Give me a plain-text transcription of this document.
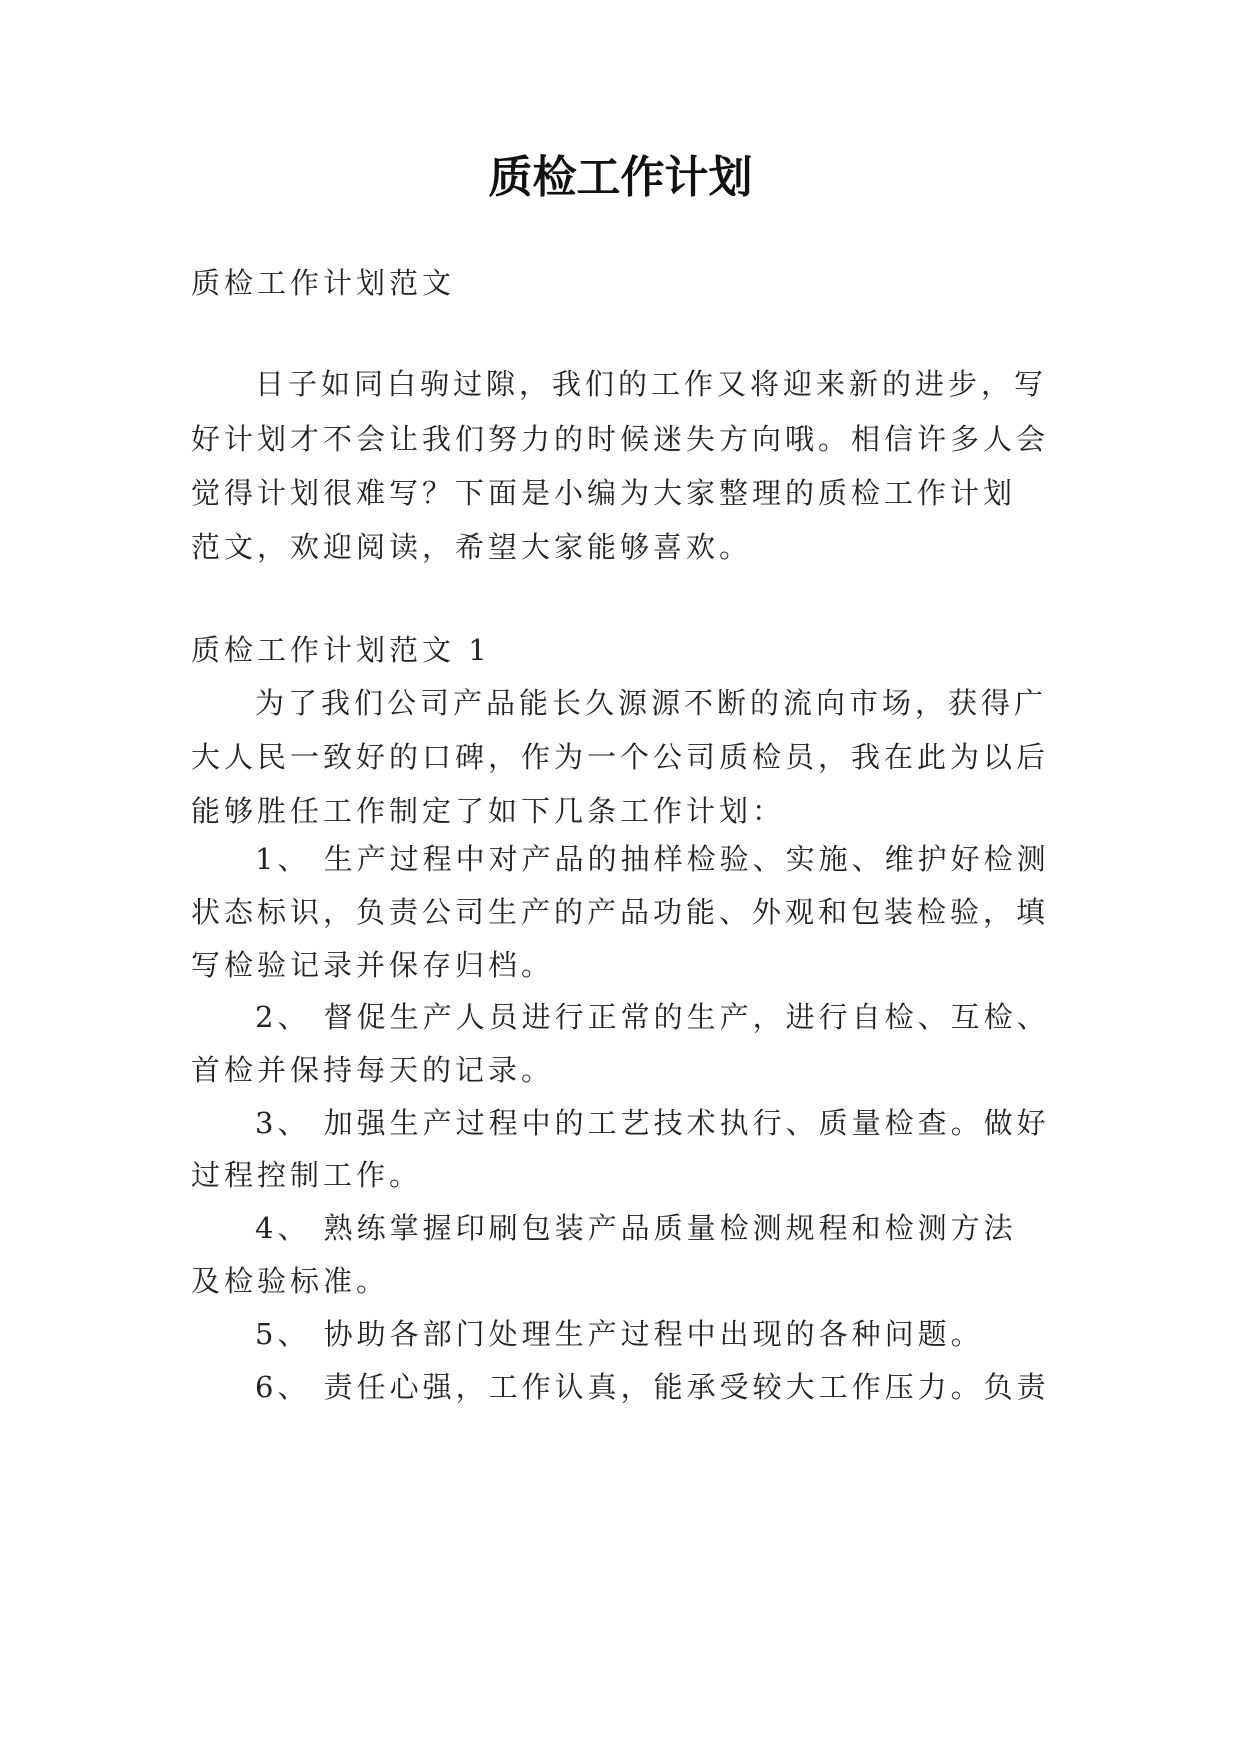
质检工作计划
质检工作计划范文
日子如同白驹过隙，我们的工作又将迎来新的进步，写
好计划才不会让我们努力的时候迷失方向哦。相信许多人会
觉得计划很难写？下面是小编为大家整理的质检工作计划
范文，欢迎阅读，希望大家能够喜欢。
质检工作计划范文 1
为了我们公司产品能长久源源不断的流向市场，获得广
大人民一致好的口碑，作为一个公司质检员，我在此为以后
能够胜任工作制定了如下几条工作计划：
1、 生产过程中对产品的抽样检验、实施、维护好检测
状态标识，负责公司生产的产品功能、外观和包装检验，填
写检验记录并保存归档。
2、 督促生产人员进行正常的生产，进行自检、互检、
首检并保持每天的记录。
3、 加强生产过程中的工艺技术执行、质量检查。做好
过程控制工作。
4、 熟练掌握印刷包装产品质量检测规程和检测方法
及检验标准。
5、 协助各部门处理生产过程中出现的各种问题。
6、 责任心强，工作认真，能承受较大工作压力。负责
